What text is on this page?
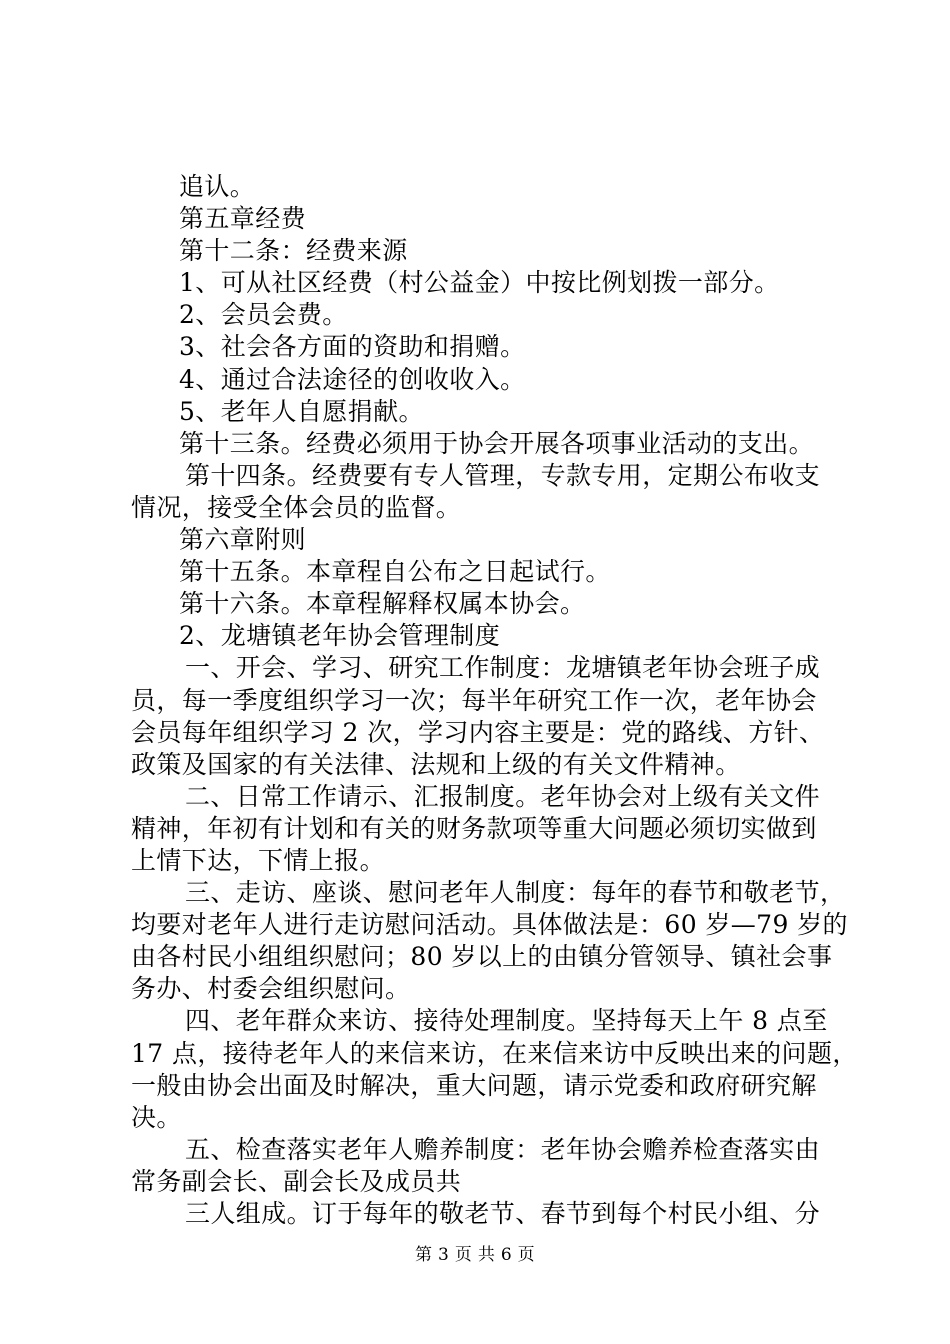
追认。
第五章经费
第十二条：经费来源
1、可从社区经费（村公益金）中按比例划拨一部分。
2、会员会费。
3、社会各方面的资助和捐赠。
4、通过合法途径的创收收入。
5、老年人自愿捐献。
第十三条。经费必须用于协会开展各项事业活动的支出。
第十四条。经费要有专人管理，专款专用，定期公布收支
情况，接受全体会员的监督。
第六章附则
第十五条。本章程自公布之日起试行。
第十六条。本章程解释权属本协会。
2、龙塘镇老年协会管理制度
一、开会、学习、研究工作制度：龙塘镇老年协会班子成
员，每一季度组织学习一次；每半年研究工作一次，老年协会
会员每年组织学习 2 次，学习内容主要是：党的路线、方针、
政策及国家的有关法律、法规和上级的有关文件精神。
二、日常工作请示、汇报制度。老年协会对上级有关文件
精神，年初有计划和有关的财务款项等重大问题必须切实做到
上情下达，下情上报。
三、走访、座谈、慰问老年人制度：每年的春节和敬老节，
均要对老年人进行走访慰问活动。具体做法是：60 岁—79 岁的
由各村民小组组织慰问；80 岁以上的由镇分管领导、镇社会事
务办、村委会组织慰问。
四、老年群众来访、接待处理制度。坚持每天上午 8 点至
17 点，接待老年人的来信来访，在来信来访中反映出来的问题，
一般由协会出面及时解决，重大问题，请示党委和政府研究解
决。
五、检查落实老年人赡养制度：老年协会赡养检查落实由
常务副会长、副会长及成员共
三人组成。订于每年的敬老节、春节到每个村民小组、分
第 3 页 共 6 页
